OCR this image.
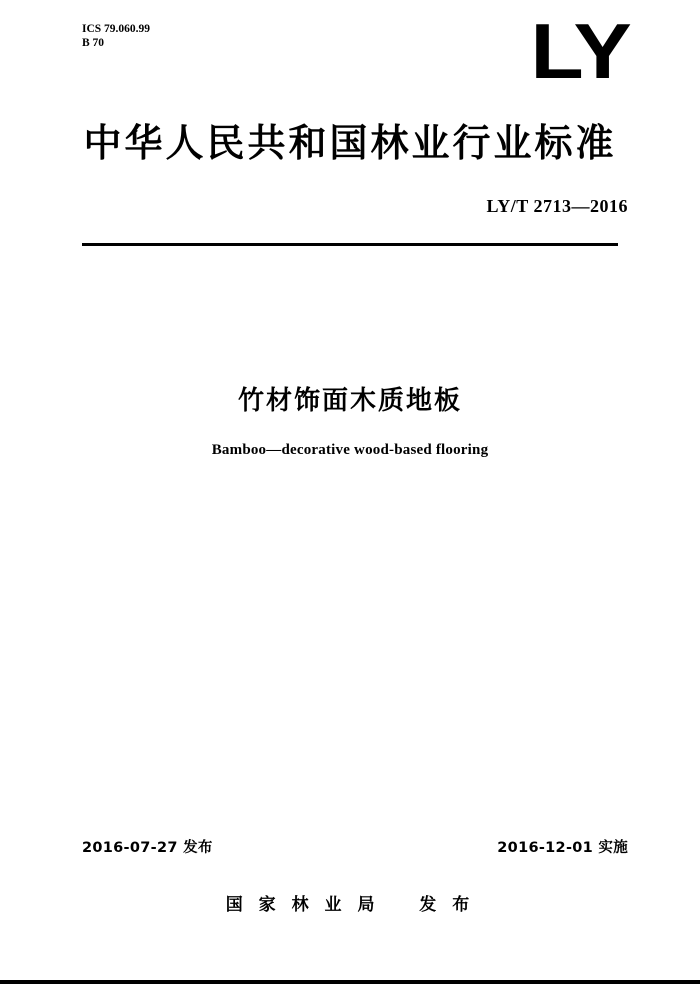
ICS 79.060.99
B 70	LY
中华人民共和国林业行业标准
LY/T 2713—2016
竹材饰面木质地板
Bamboo—decorative wood-based flooring
2016-07-27 发布	2016-12-01 实施
国 家 林 业 局 发 布
